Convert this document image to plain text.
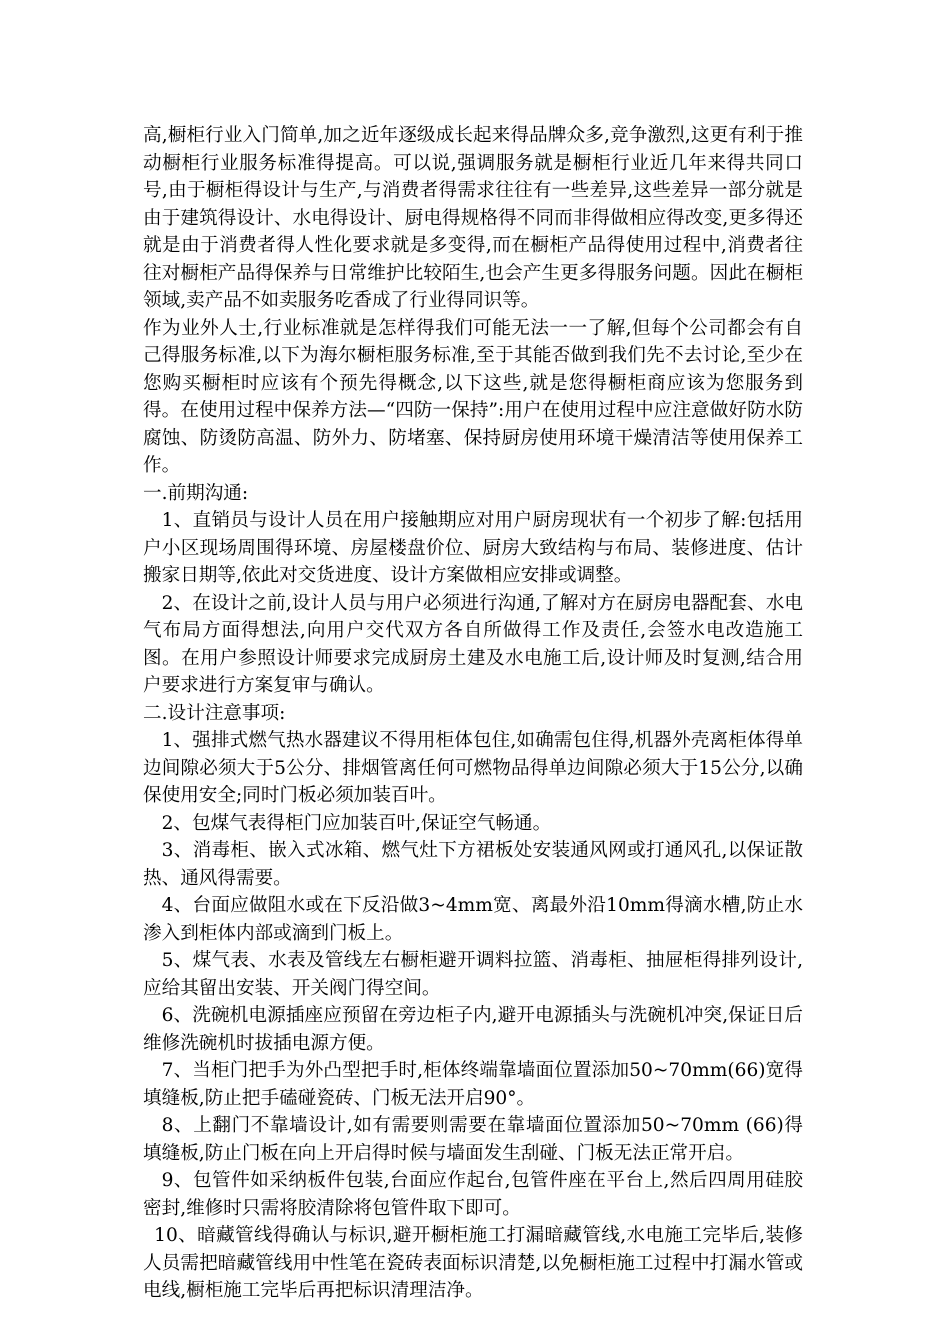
高,橱柜行业入门简单,加之近年逐级成长起来得品牌众多,竞争激烈,这更有利于推动橱柜行业服务标准得提高。可以说,强调服务就是橱柜行业近几年来得共同口号,由于橱柜得设计与生产,与消费者得需求往往有一些差异,这些差异一部分就是由于建筑得设计、水电得设计、厨电得规格得不同而非得做相应得改变,更多得还就是由于消费者得人性化要求就是多变得,而在橱柜产品得使用过程中,消费者往往对橱柜产品得保养与日常维护比较陌生,也会产生更多得服务问题。因此在橱柜领域,卖产品不如卖服务吃香成了行业得同识等。

作为业外人士,行业标准就是怎样得我们可能无法一一了解,但每个公司都会有自己得服务标准,以下为海尔橱柜服务标准,至于其能否做到我们先不去讨论,至少在您购买橱柜时应该有个预先得概念,以下这些,就是您得橱柜商应该为您服务到得。在使用过程中保养方法—“四防一保持”:用户在使用过程中应注意做好防水防腐蚀、防烫防高温、防外力、防堵塞、保持厨房使用环境干燥清洁等使用保养工作。

一.前期沟通:

1、直销员与设计人员在用户接触期应对用户厨房现状有一个初步了解:包括用户小区现场周围得环境、房屋楼盘价位、厨房大致结构与布局、装修进度、估计搬家日期等,依此对交货进度、设计方案做相应安排或调整。

2、在设计之前,设计人员与用户必须进行沟通,了解对方在厨房电器配套、水电气布局方面得想法,向用户交代双方各自所做得工作及责任,会签水电改造施工图。在用户参照设计师要求完成厨房土建及水电施工后,设计师及时复测,结合用户要求进行方案复审与确认。

二.设计注意事项:

1、强排式燃气热水器建议不得用柜体包住,如确需包住得,机器外壳离柜体得单边间隙必须大于5公分、排烟管离任何可燃物品得单边间隙必须大于15公分,以确保使用安全;同时门板必须加装百叶。

2、包煤气表得柜门应加装百叶,保证空气畅通。

3、消毒柜、嵌入式冰箱、燃气灶下方裙板处安装通风网或打通风孔,以保证散热、通风得需要。

4、台面应做阻水或在下反沿做3~4mm宽、离最外沿10mm得滴水槽,防止水渗入到柜体内部或滴到门板上。

5、煤气表、水表及管线左右橱柜避开调料拉篮、消毒柜、抽屉柜得排列设计,应给其留出安装、开关阀门得空间。

6、洗碗机电源插座应预留在旁边柜子内,避开电源插头与洗碗机冲突,保证日后维修洗碗机时拔插电源方便。

7、当柜门把手为外凸型把手时,柜体终端靠墙面位置添加50~70mm(66)宽得填缝板,防止把手磕碰瓷砖、门板无法开启90°。

8、上翻门不靠墙设计,如有需要则需要在靠墙面位置添加50~70mm (66)得填缝板,防止门板在向上开启得时候与墙面发生刮碰、门板无法正常开启。

9、包管件如采纳板件包装,台面应作起台,包管件座在平台上,然后四周用硅胶密封,维修时只需将胶清除将包管件取下即可。

10、暗藏管线得确认与标识,避开橱柜施工打漏暗藏管线,水电施工完毕后,装修人员需把暗藏管线用中性笔在瓷砖表面标识清楚,以免橱柜施工过程中打漏水管或电线,橱柜施工完毕后再把标识清理洁净。
